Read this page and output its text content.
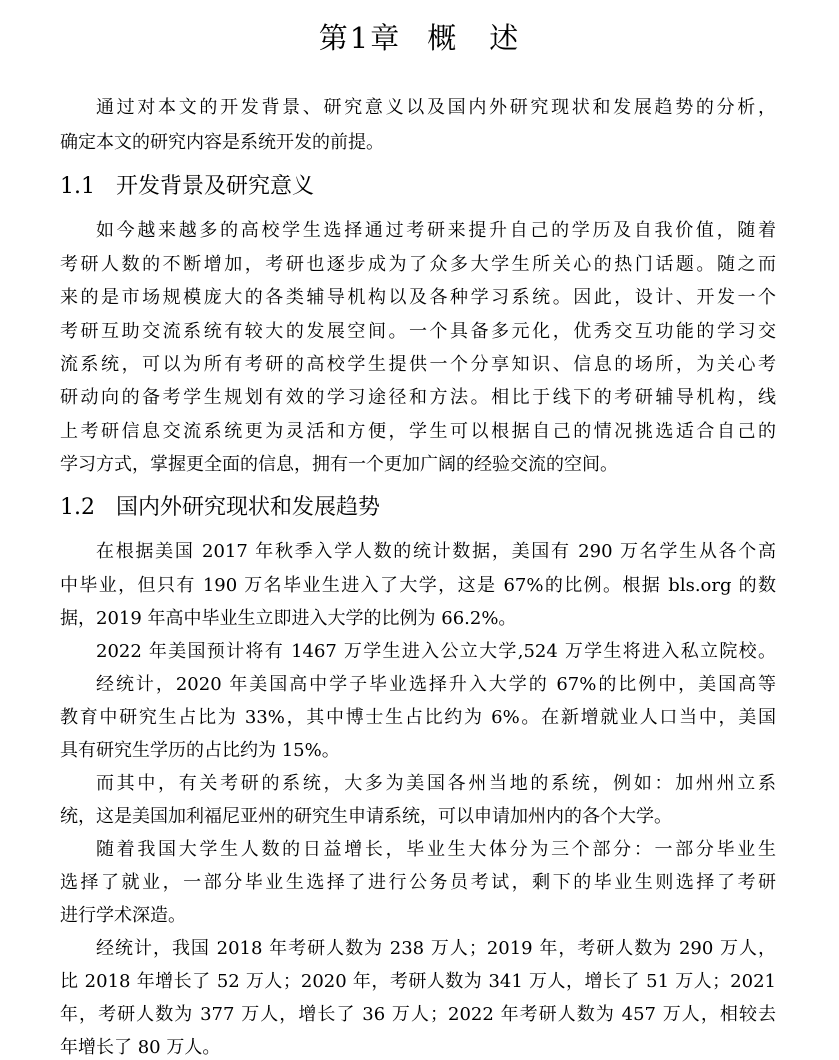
第1章 概　述

通过对本文的开发背景、研究意义以及国内外研究现状和发展趋势的分析，

确定本文的研究内容是系统开发的前提。

1.1 开发背景及研究意义

如今越来越多的高校学生选择通过考研来提升自己的学历及自我价值，随着

考研人数的不断增加，考研也逐步成为了众多大学生所关心的热门话题。随之而

来的是市场规模庞大的各类辅导机构以及各种学习系统。因此，设计、开发一个

考研互助交流系统有较大的发展空间。一个具备多元化，优秀交互功能的学习交

流系统，可以为所有考研的高校学生提供一个分享知识、信息的场所，为关心考

研动向的备考学生规划有效的学习途径和方法。相比于线下的考研辅导机构，线

上考研信息交流系统更为灵活和方便，学生可以根据自己的情况挑选适合自己的

学习方式，掌握更全面的信息，拥有一个更加广阔的经验交流的空间。

1.2 国内外研究现状和发展趋势

在根据美国 2017 年秋季入学人数的统计数据，美国有 290 万名学生从各个高

中毕业，但只有 190 万名毕业生进入了大学，这是 67%的比例。根据 bls.org 的数

据，2019 年高中毕业生立即进入大学的比例为 66.2%。

2022 年美国预计将有 1467 万学生进入公立大学,524 万学生将进入私立院校。

经统计，2020 年美国高中学子毕业选择升入大学的 67%的比例中，美国高等

教育中研究生占比为 33%，其中博士生占比约为 6%。在新增就业人口当中，美国

具有研究生学历的占比约为 15%。

而其中，有关考研的系统，大多为美国各州当地的系统，例如：加州州立系

统，这是美国加利福尼亚州的研究生申请系统，可以申请加州内的各个大学。

随着我国大学生人数的日益增长，毕业生大体分为三个部分：一部分毕业生

选择了就业，一部分毕业生选择了进行公务员考试，剩下的毕业生则选择了考研

进行学术深造。

经统计，我国 2018 年考研人数为 238 万人；2019 年，考研人数为 290 万人，

比 2018 年增长了 52 万人；2020 年，考研人数为 341 万人，增长了 51 万人；2021

年，考研人数为 377 万人，增长了 36 万人；2022 年考研人数为 457 万人，相较去

年增长了 80 万人。
